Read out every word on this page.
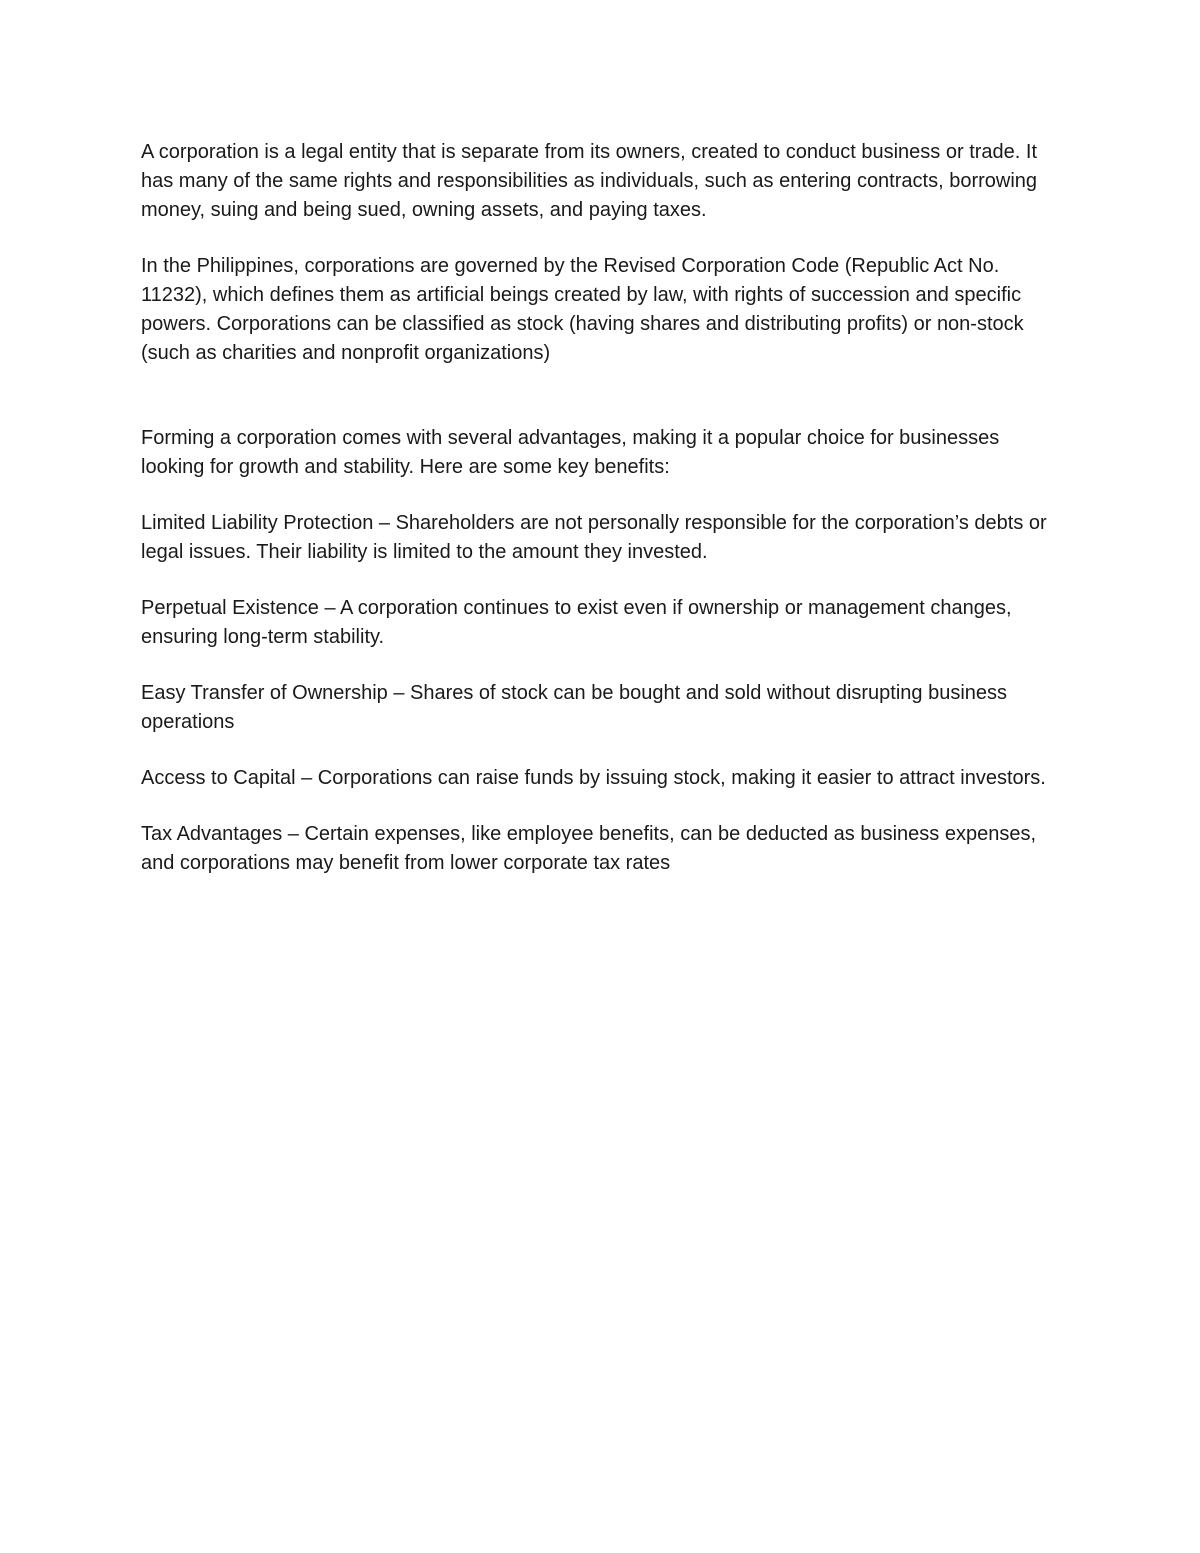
A corporation is a legal entity that is separate from its owners, created to conduct business or trade. It has many of the same rights and responsibilities as individuals, such as entering contracts, borrowing money, suing and being sued, owning assets, and paying taxes.

In the Philippines, corporations are governed by the Revised Corporation Code (Republic Act No. 11232), which defines them as artificial beings created by law, with rights of succession and specific powers. Corporations can be classified as stock (having shares and distributing profits) or non-stock (such as charities and nonprofit organizations)

Forming a corporation comes with several advantages, making it a popular choice for businesses looking for growth and stability. Here are some key benefits:

Limited Liability Protection – Shareholders are not personally responsible for the corporation’s debts or legal issues. Their liability is limited to the amount they invested.

Perpetual Existence – A corporation continues to exist even if ownership or management changes, ensuring long-term stability.

Easy Transfer of Ownership – Shares of stock can be bought and sold without disrupting business operations

Access to Capital – Corporations can raise funds by issuing stock, making it easier to attract investors.

Tax Advantages – Certain expenses, like employee benefits, can be deducted as business expenses, and corporations may benefit from lower corporate tax rates
